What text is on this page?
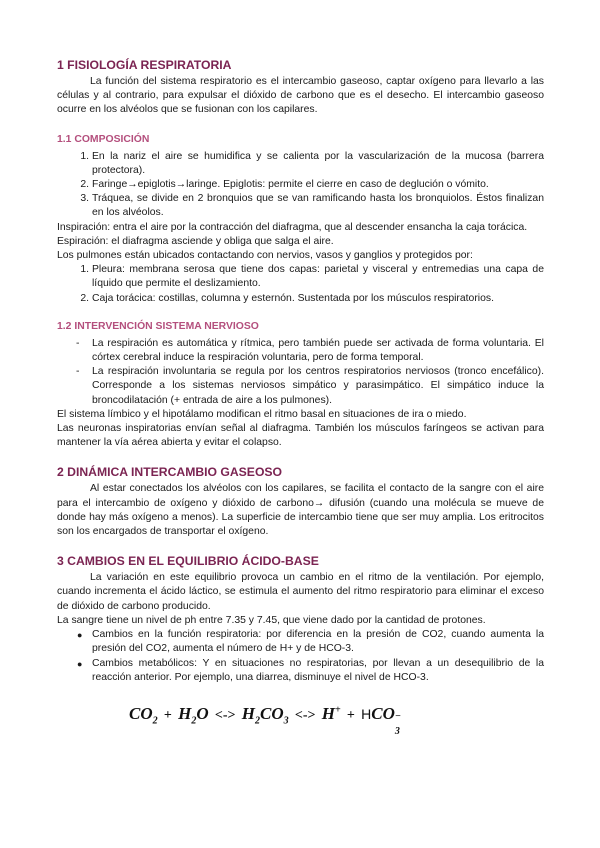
1 FISIOLOGÍA RESPIRATORIA

La función del sistema respiratorio es el intercambio gaseoso, captar oxígeno para llevarlo a las células y al contrario, para expulsar el dióxido de carbono que es el desecho. El intercambio gaseoso ocurre en los alvéolos que se fusionan con los capilares.

1.1 COMPOSICIÓN
1. En la nariz el aire se humidifica y se calienta por la vascularización de la mucosa (barrera protectora).
2. Faringe→epiglotis→laringe. Epiglotis: permite el cierre en caso de deglución o vómito.
3. Tráquea, se divide en 2 bronquios que se van ramificando hasta los bronquiolos. Éstos finalizan en los alvéolos.

Inspiración: entra el aire por la contracción del diafragma, que al descender ensancha la caja torácica.

Espiración: el diafragma asciende y obliga que salga el aire.

Los pulmones están ubicados contactando con nervios, vasos y ganglios y protegidos por:

1. Pleura: membrana serosa que tiene dos capas: parietal y visceral y entremedias una capa de líquido que permite el deslizamiento.
2. Caja torácica: costillas, columna y esternón. Sustentada por los músculos respiratorios.
1.2 INTERVENCIÓN SISTEMA NERVIOSO
-	La respiración es automática y rítmica, pero también puede ser activada de forma voluntaria. El córtex cerebral induce la respiración voluntaria, pero de forma temporal.
-	La respiración involuntaria se regula por los centros respiratorios nerviosos (tronco encefálico). Corresponde a los sistemas nerviosos simpático y parasimpático. El simpático induce la broncodilatación (+ entrada de aire a los pulmones).

El sistema límbico y el hipotálamo modifican el ritmo basal en situaciones de ira o miedo.

Las neuronas inspiratorias envían señal al diafragma. También los músculos faríngeos se activan para mantener la vía aérea abierta y evitar el colapso.

2 DINÁMICA INTERCAMBIO GASEOSO

Al estar conectados los alvéolos con los capilares, se facilita el contacto de la sangre con el aire para el intercambio de oxígeno y dióxido de carbono→ difusión (cuando una molécula se mueve de donde hay más oxígeno a menos). La superficie de intercambio tiene que ser muy amplia. Los eritrocitos son los encargados de transportar el oxígeno.

3 CAMBIOS EN EL EQUILIBRIO ÁCIDO-BASE

La variación en este equilibrio provoca un cambio en el ritmo de la ventilación. Por ejemplo, cuando incrementa el ácido láctico, se estimula el aumento del ritmo respiratorio para eliminar el exceso de dióxido de carbono producido.

La sangre tiene un nivel de ph entre 7.35 y 7.45, que viene dado por la cantidad de protones.

● Cambios en la función respiratoria: por diferencia en la presión de CO2, cuando aumenta la presión del CO2, aumenta el número de H+ y de HCO-3.
● Cambios metabólicos: Y en situaciones no respiratorias, por llevan a un desequilibrio de la reacción anterior. Por ejemplo, una diarrea, disminuye el nivel de HCO-3.
$CO_2 + H_2O$ <-> $H_2CO_3$ <-> H+ + HCO −
3
